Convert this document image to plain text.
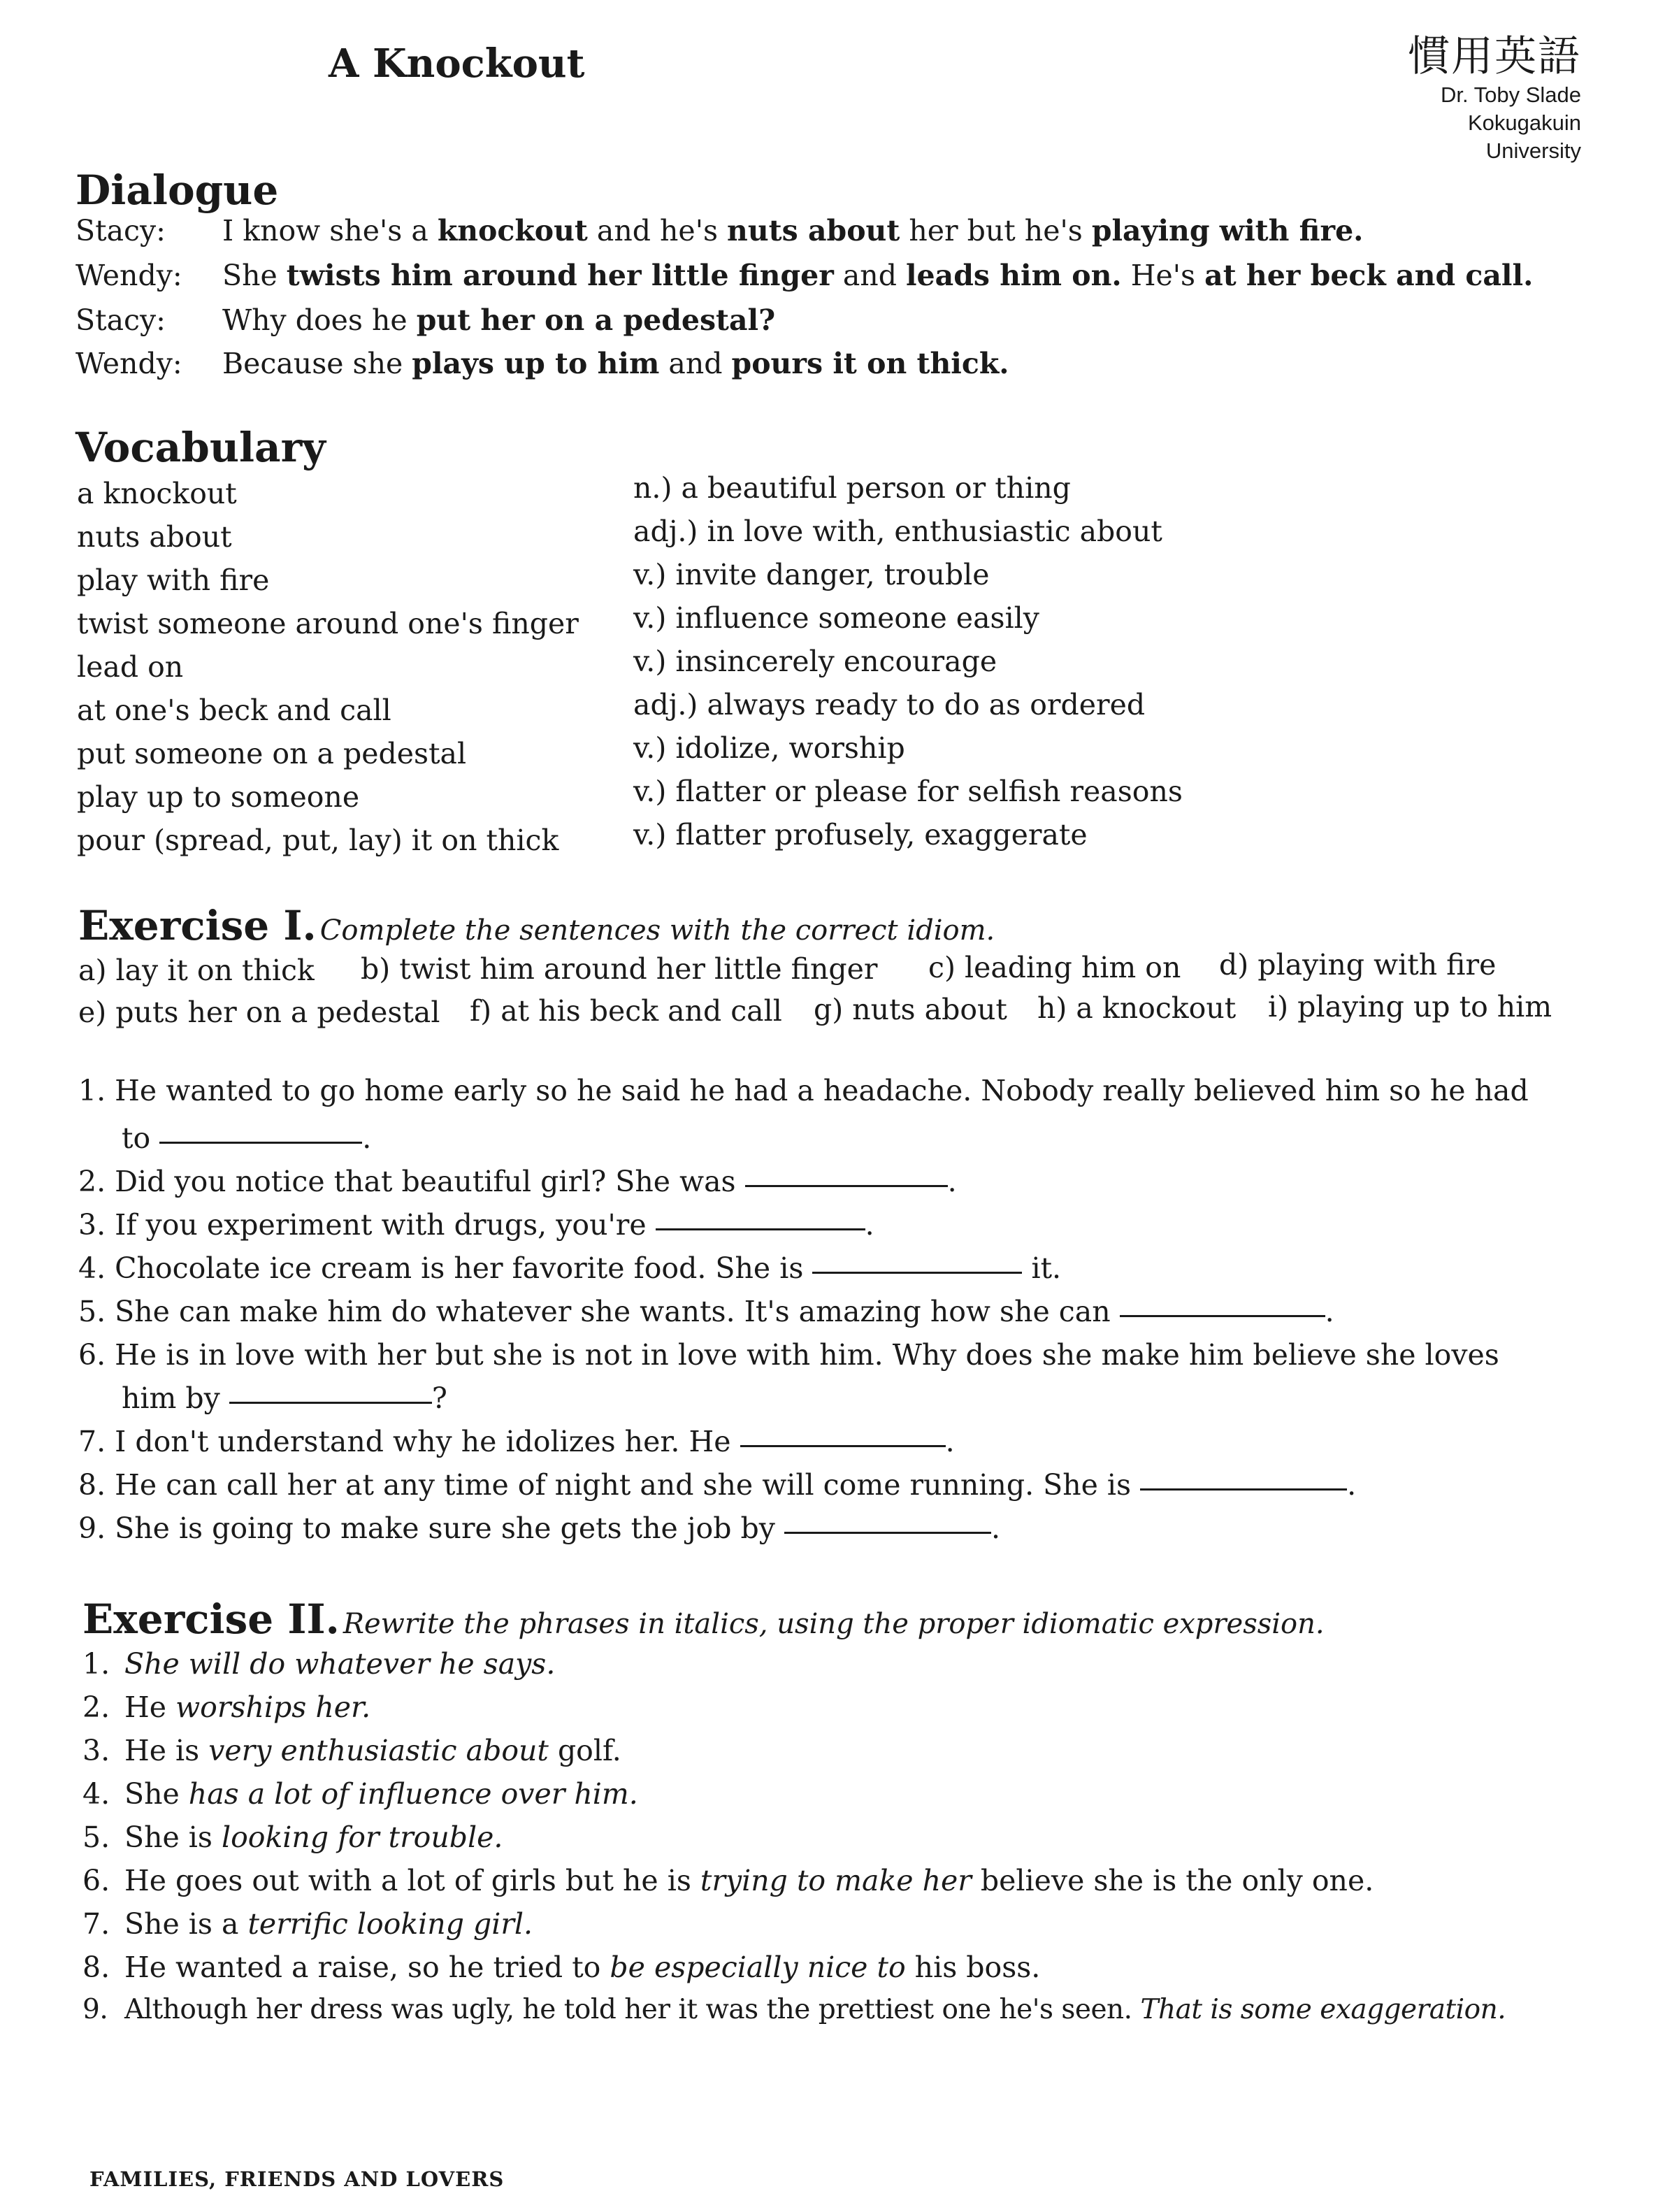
A Knockout	慣用英語
Dr. Toby Slade
Kokugakuin
University
Dialogue
Stacy: I know she's a knockout and he's nuts about her but he's playing with fire.
Wendy: She twists him around her little finger and leads him on. He's at her beck and call.
Stacy: Why does he put her on a pedestal?
Wendy: Because she plays up to him and pours it on thick.
Vocabulary
a knockout	n.) a beautiful person or thing
nuts about	adj.) in love with, enthusiastic about
play with fire	v.) invite danger, trouble
twist someone around one's finger v.) influence someone easily
lead on	v.) insincerely encourage
at one's beck and call	adj.) always ready to do as ordered
put someone on a pedestal	v.) idolize, worship
play up to someone	v.) flatter or please for selfish reasons
pour (spread, put, lay) it on thick	v.) flatter profusely, exaggerate
Exercise I. Complete the sentences with the correct idiom.
a) lay it on thick b) twist him around her little finger c) leading him on d) playing with fire
e) puts her on a pedestal f) at his beck and call g) nuts about h) a knockout i) playing up to him
1. He wanted to go home early so he said he had a headache. Nobody really believed him so he had
to	.
2. Did you notice that beautiful girl? She was	.
3. If you experiment with drugs, you're	.
4. Chocolate ice cream is her favorite food. She is	it.
5. She can make him do whatever she wants. It's amazing how she can	.
6. He is in love with her but she is not in love with him. Why does she make him believe she loves
him by	?
7. I don't understand why he idolizes her. He	.
8. He can call her at any time of night and she will come running. She is	.
9. She is going to make sure she gets the job by	.
Exercise II. Rewrite the phrases in italics, using the proper idiomatic expression.
1. She will do whatever he says.
2. He worships her.
3. He is very enthusiastic about golf.
4. She has a lot of influence over him.
5. She is looking for trouble.
6. He goes out with a lot of girls but he is trying to make her believe she is the only one.
7. She is a terrific looking girl.
8. He wanted a raise, so he tried to be especially nice to his boss.
9. Although her dress was ugly, he told her it was the prettiest one he's seen. That is some exaggeration.
FAMILIES, FRIENDS AND LOVERS
